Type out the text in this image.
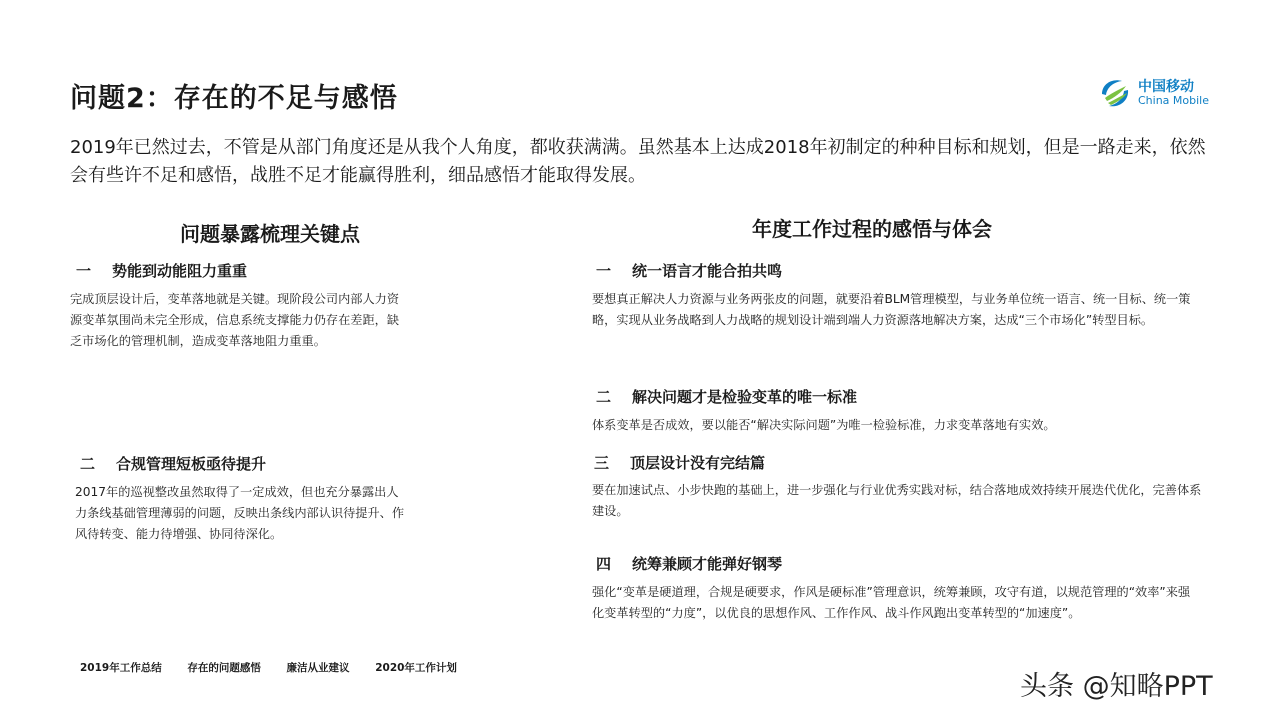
问题2：存在的不足与感悟	中国移动
China Mobile
2019年已然过去，不管是从部门角度还是从我个人角度，都收获满满。虽然基本上达成2018年初制定的种种目标和规划，但是一路走来，依然会有些许不足和感悟，战胜不足才能赢得胜利，细品感悟才能取得发展。
问题暴露梳理关键点
一 势能到动能阻力重重
完成顶层设计后，变革落地就是关键。现阶段公司内部人力资源变革氛围尚未完全形成，信息系统支撑能力仍存在差距，缺乏市场化的管理机制，造成变革落地阻力重重。
二 合规管理短板亟待提升
2017年的巡视整改虽然取得了一定成效，但也充分暴露出人力条线基础管理薄弱的问题，反映出条线内部认识待提升、作风待转变、能力待增强、协同待深化。
年度工作过程的感悟与体会
一 统一语言才能合拍共鸣
要想真正解决人力资源与业务两张皮的问题，就要沿着BLM管理模型，与业务单位统一语言、统一目标、统一策略，实现从业务战略到人力战略的规划设计端到端人力资源落地解决方案，达成“三个市场化”转型目标。
二 解决问题才是检验变革的唯一标准
体系变革是否成效，要以能否“解决实际问题”为唯一检验标准，力求变革落地有实效。
三 顶层设计没有完结篇
要在加速试点、小步快跑的基础上，进一步强化与行业优秀实践对标，结合落地成效持续开展迭代优化，完善体系建设。
四 统筹兼顾才能弹好钢琴
强化“变革是硬道理，合规是硬要求，作风是硬标准”管理意识，统筹兼顾，攻守有道，以规范管理的“效率”来强化变革转型的“力度”，以优良的思想作风、工作作风、战斗作风跑出变革转型的“加速度”。
2019年工作总结 存在的问题感悟 廉洁从业建议 2020年工作计划
头条 @知略PPT
